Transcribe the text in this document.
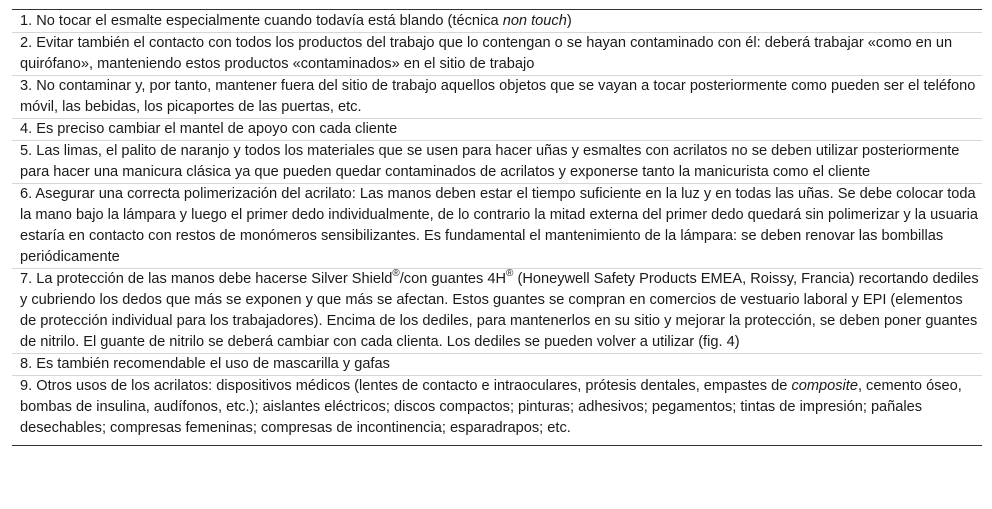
1. No tocar el esmalte especialmente cuando todavía está blando (técnica non touch)
2. Evitar también el contacto con todos los productos del trabajo que lo contengan o se hayan contaminado con él: deberá trabajar «como en un quirófano», manteniendo estos productos «contaminados» en el sitio de trabajo
3. No contaminar y, por tanto, mantener fuera del sitio de trabajo aquellos objetos que se vayan a tocar posteriormente como pueden ser el teléfono móvil, las bebidas, los picaportes de las puertas, etc.
4. Es preciso cambiar el mantel de apoyo con cada cliente
5. Las limas, el palito de naranjo y todos los materiales que se usen para hacer uñas y esmaltes con acrilatos no se deben utilizar posteriormente para hacer una manicura clásica ya que pueden quedar contaminados de acrilatos y exponerse tanto la manicurista como el cliente
6. Asegurar una correcta polimerización del acrilato: Las manos deben estar el tiempo suficiente en la luz y en todas las uñas. Se debe colocar toda la mano bajo la lámpara y luego el primer dedo individualmente, de lo contrario la mitad externa del primer dedo quedará sin polimerizar y la usuaria estaría en contacto con restos de monómeros sensibilizantes. Es fundamental el mantenimiento de la lámpara: se deben renovar las bombillas periódicamente
7. La protección de las manos debe hacerse Silver Shield®/con guantes 4H® (Honeywell Safety Products EMEA, Roissy, Francia) recortando dediles y cubriendo los dedos que más se exponen y que más se afectan. Estos guantes se compran en comercios de vestuario laboral y EPI (elementos de protección individual para los trabajadores). Encima de los dediles, para mantenerlos en su sitio y mejorar la protección, se deben poner guantes de nitrilo. El guante de nitrilo se deberá cambiar con cada clienta. Los dediles se pueden volver a utilizar (fig. 4)
8. Es también recomendable el uso de mascarilla y gafas
9. Otros usos de los acrilatos: dispositivos médicos (lentes de contacto e intraoculares, prótesis dentales, empastes de composite, cemento óseo, bombas de insulina, audífonos, etc.); aislantes eléctricos; discos compactos; pinturas; adhesivos; pegamentos; tintas de impresión; pañales desechables; compresas femeninas; compresas de incontinencia; esparadrapos; etc.
